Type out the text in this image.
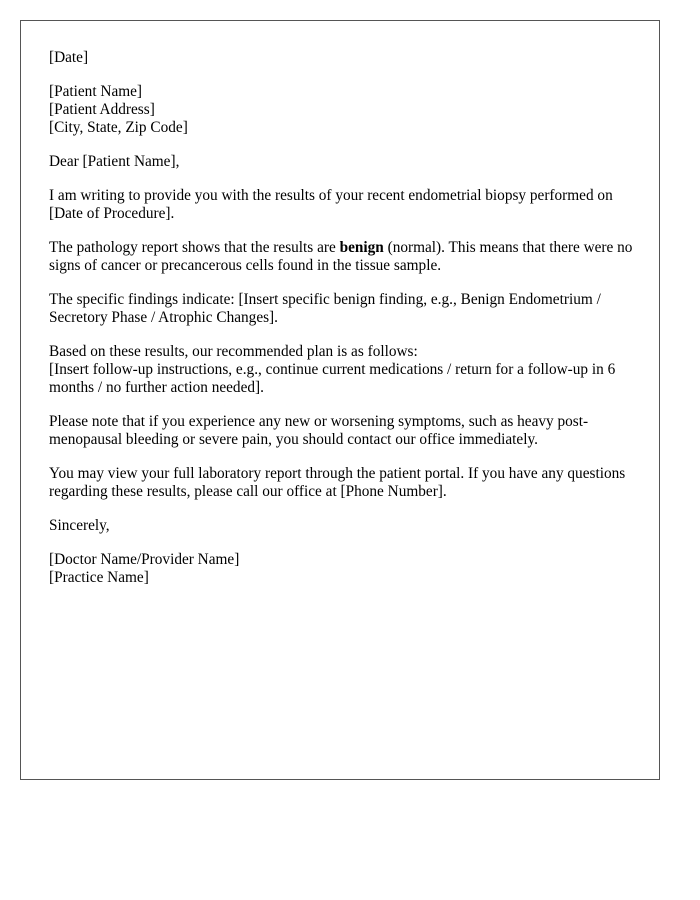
[Date]

[Patient Name]
[Patient Address]
[City, State, Zip Code]

Dear [Patient Name],

I am writing to provide you with the results of your recent endometrial biopsy performed on [Date of Procedure].

The pathology report shows that the results are benign (normal). This means that there were no signs of cancer or precancerous cells found in the tissue sample.

The specific findings indicate: [Insert specific benign finding, e.g., Benign Endometrium / Secretory Phase / Atrophic Changes].

Based on these results, our recommended plan is as follows:
[Insert follow-up instructions, e.g., continue current medications / return for a follow-up in 6 months / no further action needed].

Please note that if you experience any new or worsening symptoms, such as heavy post-menopausal bleeding or severe pain, you should contact our office immediately.

You may view your full laboratory report through the patient portal. If you have any questions regarding these results, please call our office at [Phone Number].

Sincerely,

[Doctor Name/Provider Name]
[Practice Name]
